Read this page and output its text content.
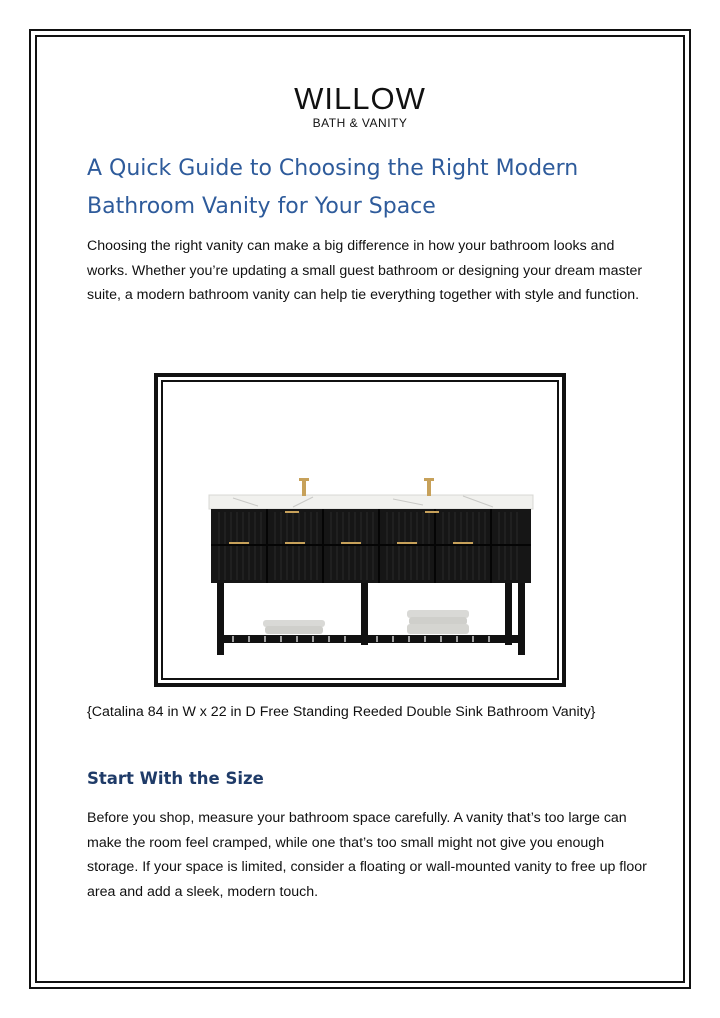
WILLOW
BATH & VANITY
A Quick Guide to Choosing the Right Modern Bathroom Vanity for Your Space

Choosing the right vanity can make a big difference in how your bathroom looks and works. Whether you’re updating a small guest bathroom or designing your dream master suite, a modern bathroom vanity can help tie everything together with style and function.

{Catalina 84 in W x 22 in D Free Standing Reeded Double Sink Bathroom Vanity}

Start With the Size

Before you shop, measure your bathroom space carefully. A vanity that’s too large can make the room feel cramped, while one that’s too small might not give you enough storage. If your space is limited, consider a floating or wall-mounted vanity to free up floor area and add a sleek, modern touch.
